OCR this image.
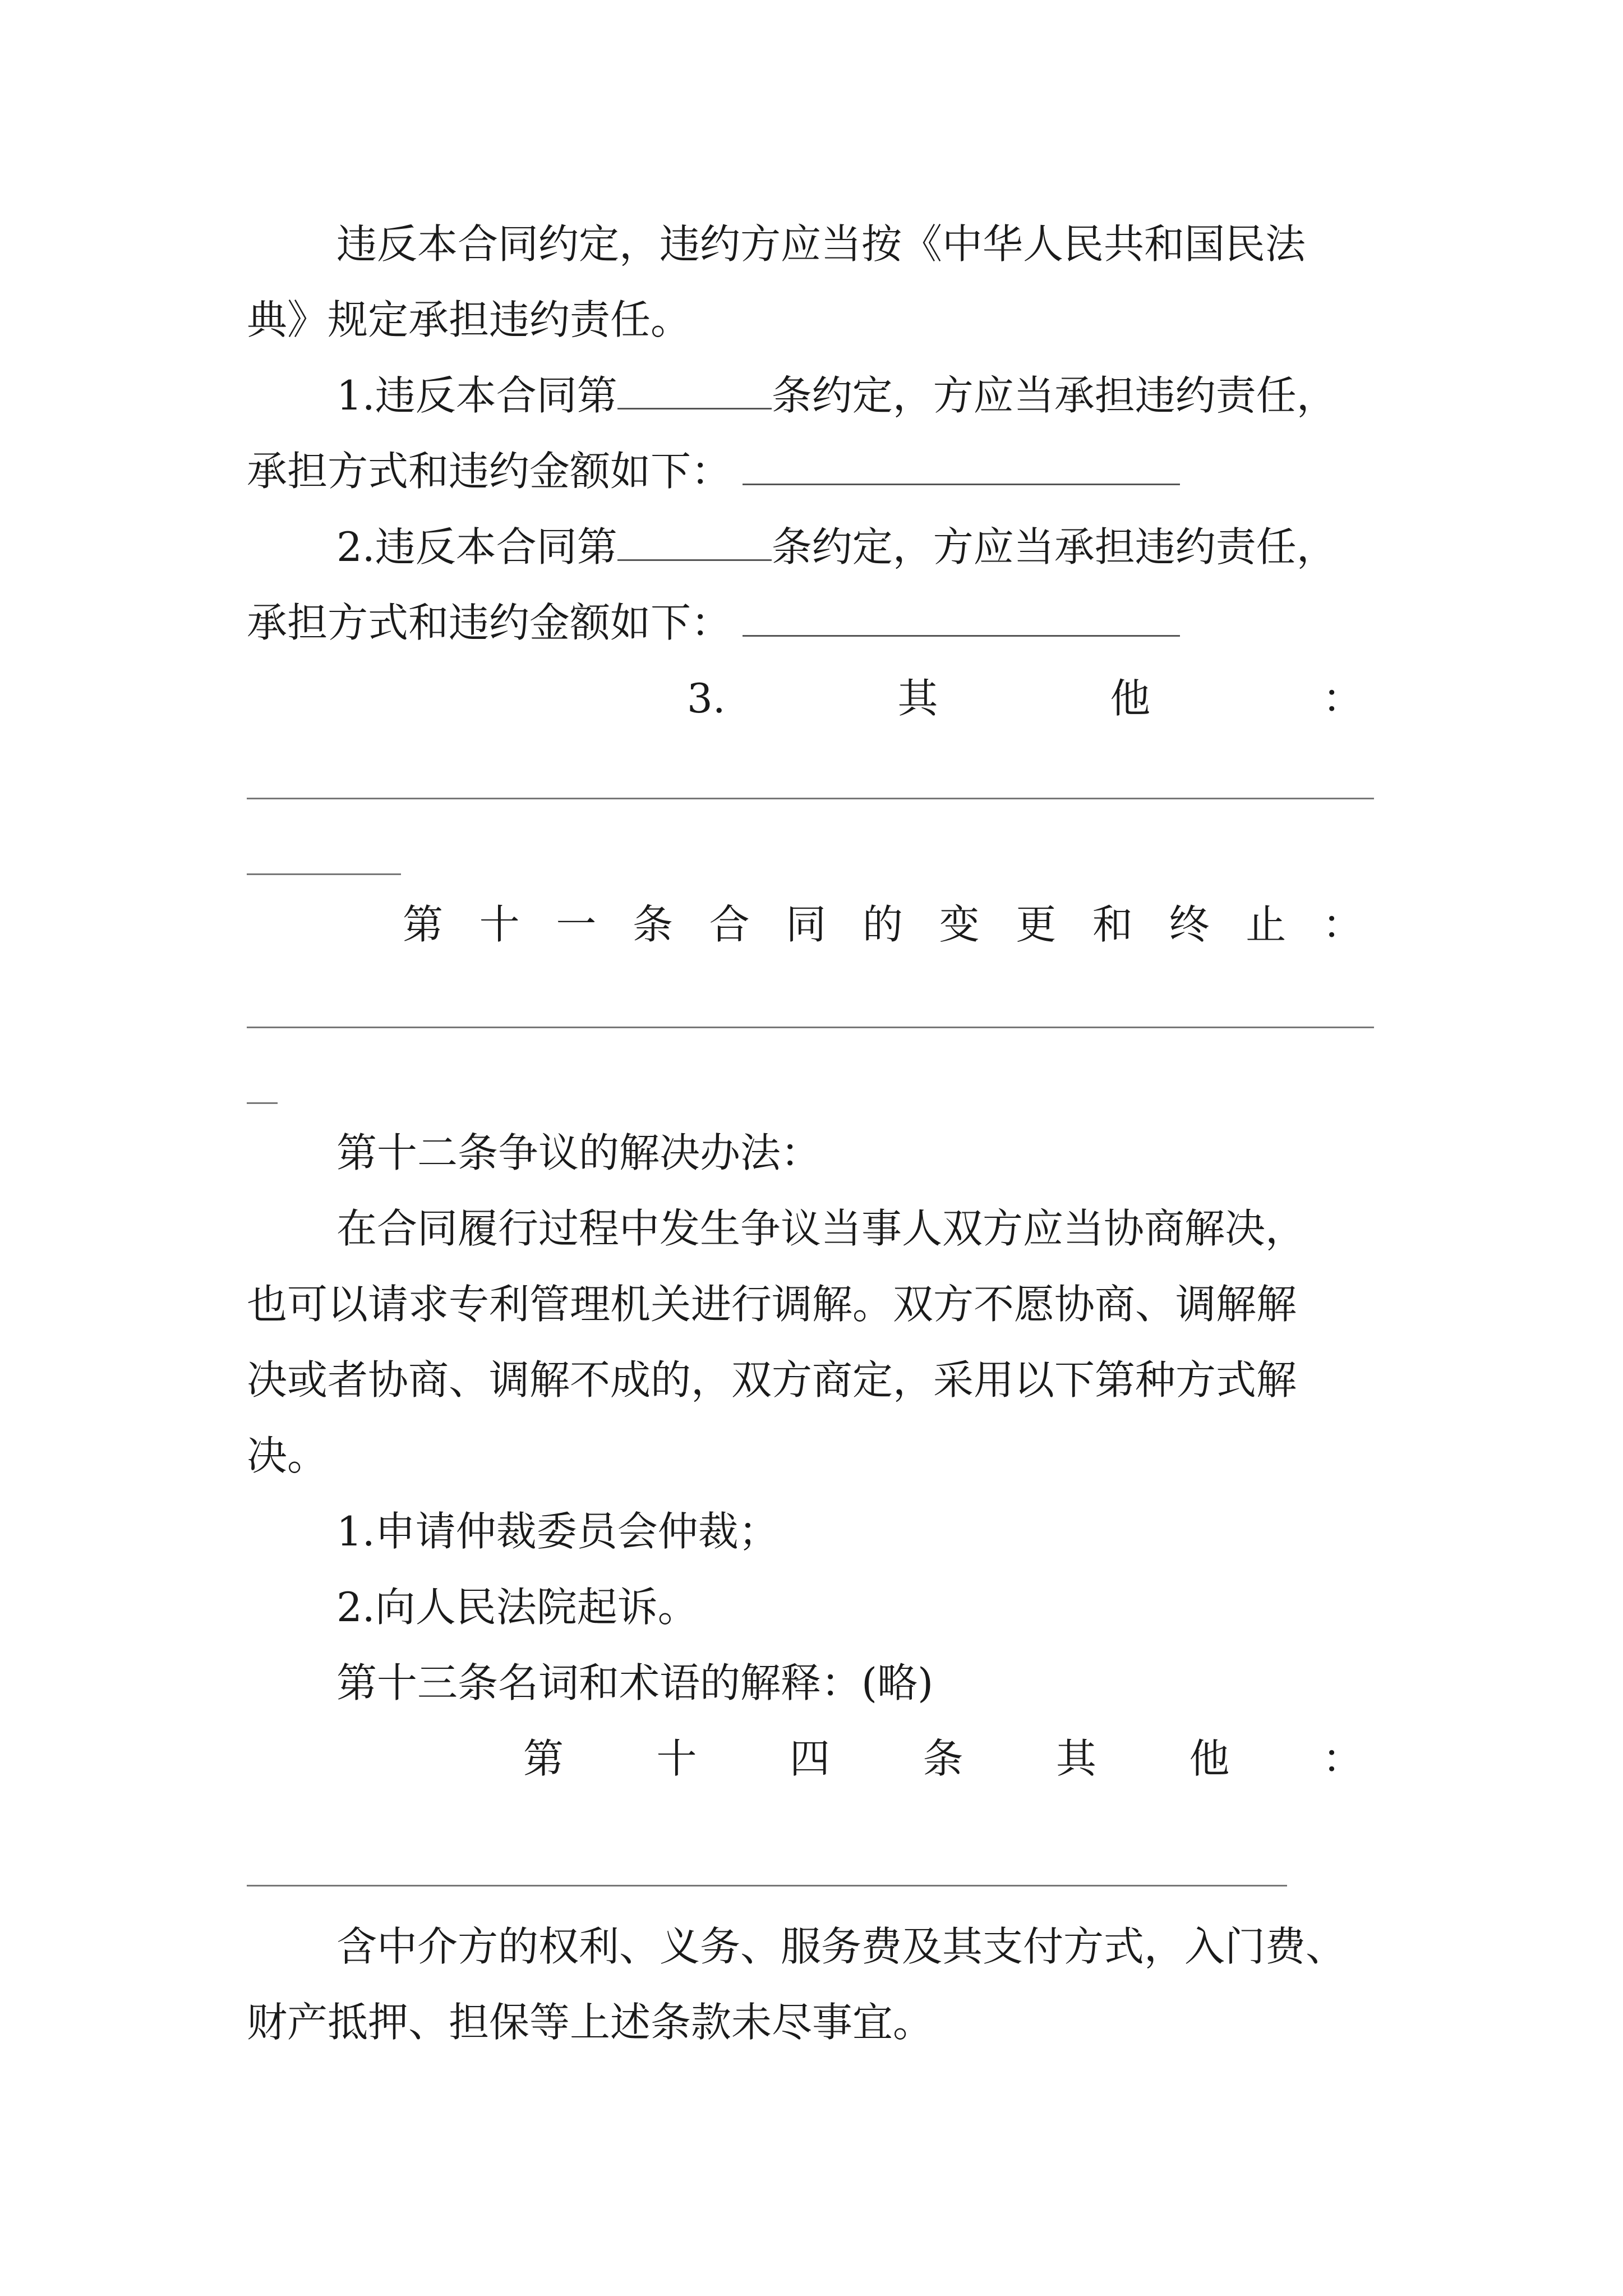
违反本合同约定，违约方应当按《中华人民共和国民法
典》规定承担违约责任。
1.违反本合同第	条约定，方应当承担违约责任，
承担方式和违约金额如下：
2.违反本合同第	条约定，方应当承担违约责任，
承担方式和违约金额如下：
3.	其	他	：
第 十 一 条 合 同 的 变 更 和 终 止 ：
第十二条争议的解决办法：
在合同履行过程中发生争议当事人双方应当协商解决，
也可以请求专利管理机关进行调解。双方不愿协商、调解解
决或者协商、调解不成的，双方商定，采用以下第种方式解
决。
1.申请仲裁委员会仲裁；
2.向人民法院起诉。
第十三条名词和术语的解释：(略)
第 十 四 条 其 他 ：
含中介方的权利、义务、服务费及其支付方式，入门费、
财产抵押、担保等上述条款未尽事宜。
